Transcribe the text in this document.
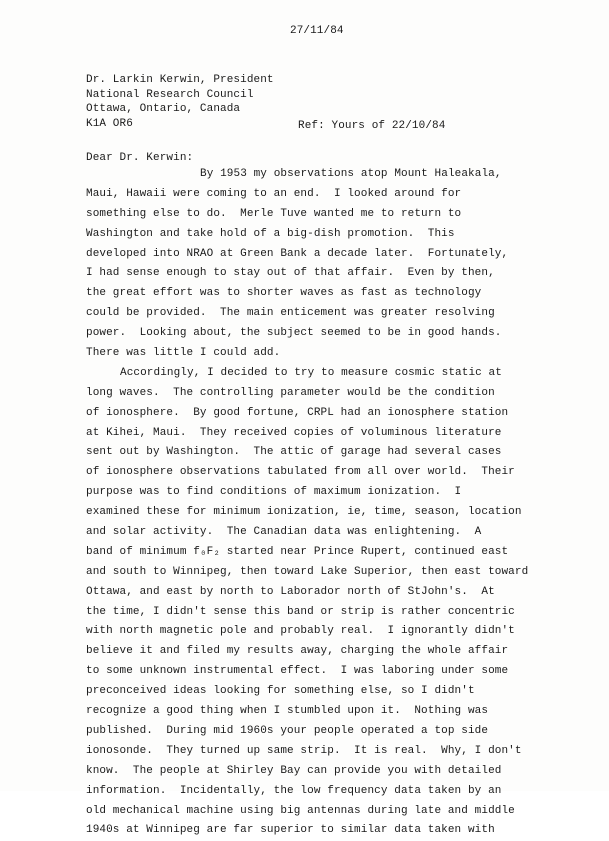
27/11/84
Dr. Larkin Kerwin, President
National Research Council
Ottawa, Ontario, Canada
K1A OR6	Ref: Yours of 22/10/84
Dear Dr. Kerwin:
By 1953 my observations atop Mount Haleakala,
Maui, Hawaii were coming to an end.  I looked around for
something else to do.  Merle Tuve wanted me to return to
Washington and take hold of a big-dish promotion.  This
developed into NRAO at Green Bank a decade later.  Fortunately,
I had sense enough to stay out of that affair.  Even by then,
the great effort was to shorter waves as fast as technology
could be provided.  The main enticement was greater resolving
power.  Looking about, the subject seemed to be in good hands.
There was little I could add.
Accordingly, I decided to try to measure cosmic static at
long waves.  The controlling parameter would be the condition
of ionosphere.  By good fortune, CRPL had an ionosphere station
at Kihei, Maui.  They received copies of voluminous literature
sent out by Washington.  The attic of garage had several cases
of ionosphere observations tabulated from all over world.  Their
purpose was to find conditions of maximum ionization.  I
examined these for minimum ionization, ie, time, season, location
and solar activity.  The Canadian data was enlightening.  A
band of minimum f₀F₂ started near Prince Rupert, continued east
and south to Winnipeg, then toward Lake Superior, then east toward
Ottawa, and east by north to Laborador north of StJohn's.  At
the time, I didn't sense this band or strip is rather concentric
with north magnetic pole and probably real.  I ignorantly didn't
believe it and filed my results away, charging the whole affair
to some unknown instrumental effect.  I was laboring under some
preconceived ideas looking for something else, so I didn't
recognize a good thing when I stumbled upon it.  Nothing was
published.  During mid 1960s your people operated a top side
ionosonde.  They turned up same strip.  It is real.  Why, I don't
know.  The people at Shirley Bay can provide you with detailed
information.  Incidentally, the low frequency data taken by an
old mechanical machine using big antennas during late and middle
1940s at Winnipeg are far superior to similar data taken with
